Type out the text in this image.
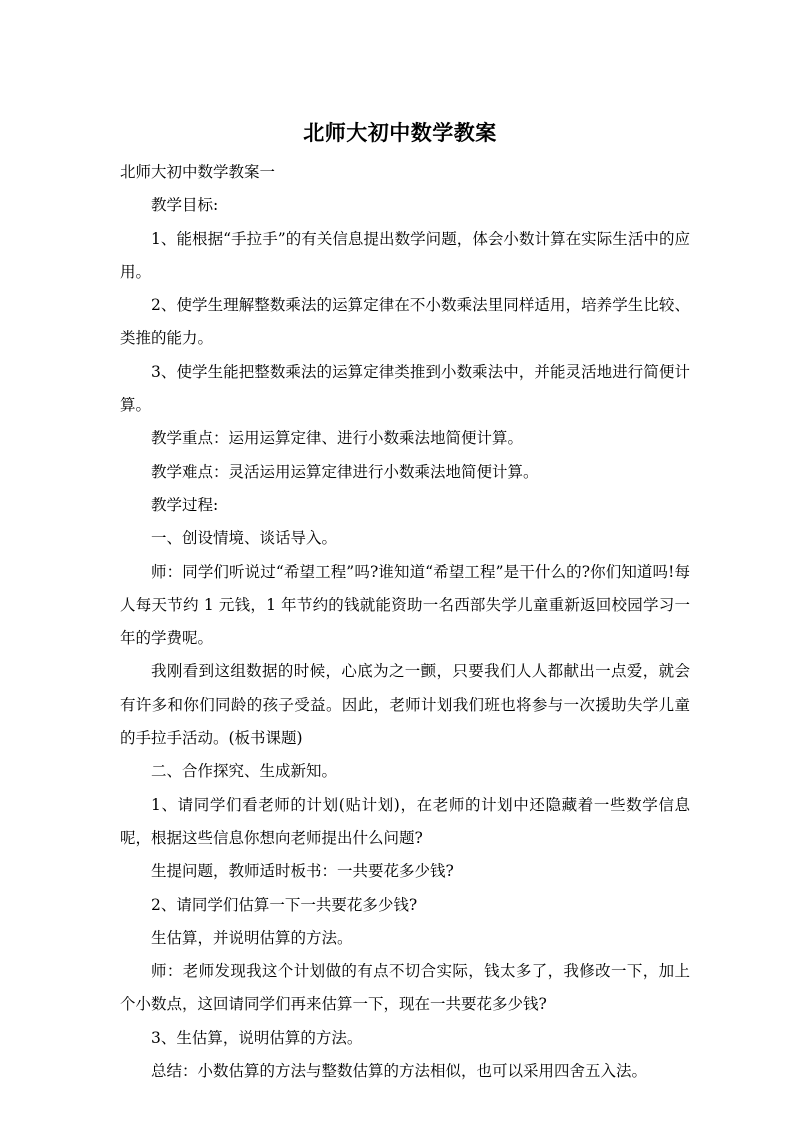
北师大初中数学教案

北师大初中数学教案一

教学目标:

1、能根据“手拉手”的有关信息提出数学问题，体会小数计算在实际生活中的应用。

2、使学生理解整数乘法的运算定律在不小数乘法里同样适用，培养学生比较、类推的能力。

3、使学生能把整数乘法的运算定律类推到小数乘法中，并能灵活地进行简便计算。

教学重点：运用运算定律、进行小数乘法地简便计算。

教学难点：灵活运用运算定律进行小数乘法地简便计算。

教学过程:

一、创设情境、谈话导入。

师：同学们听说过“希望工程”吗?谁知道“希望工程”是干什么的?你们知道吗!每人每天节约 1 元钱，1 年节约的钱就能资助一名西部失学儿童重新返回校园学习一年的学费呢。

我刚看到这组数据的时候，心底为之一颤，只要我们人人都献出一点爱，就会有许多和你们同龄的孩子受益。因此，老师计划我们班也将参与一次援助失学儿童的手拉手活动。(板书课题)

二、合作探究、生成新知。

1、请同学们看老师的计划(贴计划)，在老师的计划中还隐藏着一些数学信息呢，根据这些信息你想向老师提出什么问题?

生提问题，教师适时板书：一共要花多少钱?

2、请同学们估算一下一共要花多少钱?

生估算，并说明估算的方法。

师：老师发现我这个计划做的有点不切合实际，钱太多了，我修改一下，加上个小数点，这回请同学们再来估算一下，现在一共要花多少钱?

3、生估算，说明估算的方法。

总结：小数估算的方法与整数估算的方法相似，也可以采用四舍五入法。
